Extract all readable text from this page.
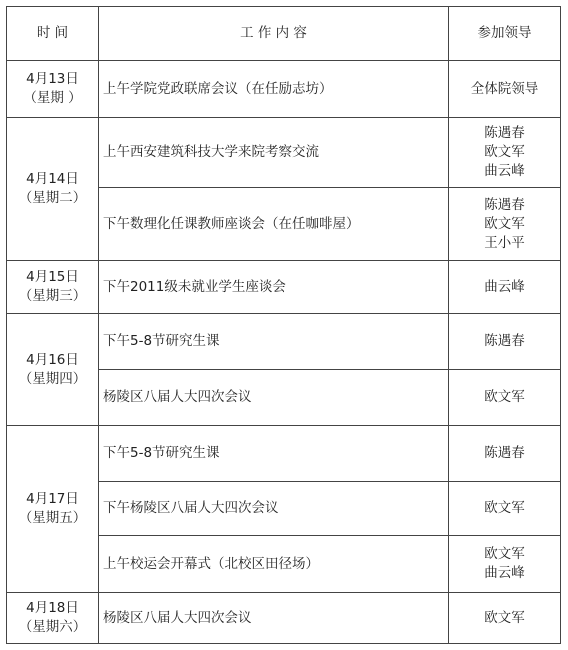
时 间	工 作 内 容	参加领导

4月13日
（星期 ）	上午学院党政联席会议（在任励志坊）	全体院领导

4月14日
（星期二）	上午西安建筑科技大学来院考察交流	陈遇春
欧文军
曲云峰

	下午数理化任课教师座谈会（在任咖啡屋）	陈遇春
欧文军
王小平

4月15日
（星期三）	下午2011级未就业学生座谈会	曲云峰

4月16日
（星期四）	下午5-8节研究生课	陈遇春

	杨陵区八届人大四次会议	欧文军

4月17日
（星期五）	下午5-8节研究生课	陈遇春

	下午杨陵区八届人大四次会议	欧文军

	上午校运会开幕式（北校区田径场）	欧文军
曲云峰

4月18日
（星期六）	杨陵区八届人大四次会议	欧文军
